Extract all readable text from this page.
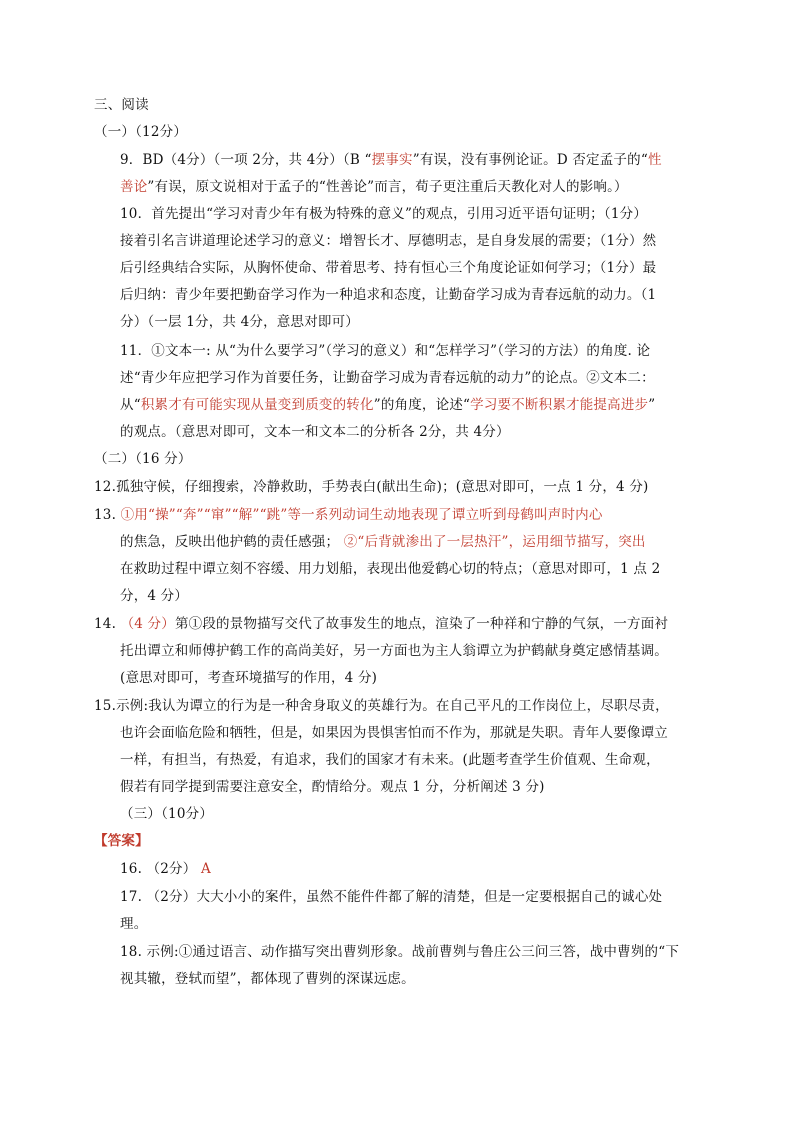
三、阅读
（一）（12分）
9．BD（4分）（一项 2分，共 4分）（B “摆事实”有误，没有事例论证。D 否定孟子的“性
善论”有误，原文说相对于孟子的“性善论”而言，荀子更注重后天教化对人的影响。）
10．首先提出“学习对青少年有极为特殊的意义”的观点，引用习近平语句证明；（1分）
接着引名言讲道理论述学习的意义：增智长才、厚德明志，是自身发展的需要；（1分）然
后引经典结合实际，从胸怀使命、带着思考、持有恒心三个角度论证如何学习；（1分）最
后归纳：青少年要把勤奋学习作为一种追求和态度，让勤奋学习成为青春远航的动力。（1
分）（一层 1分，共 4分，意思对即可）
11．①文本一: 从“为什么要学习”（学习的意义）和“怎样学习”（学习的方法）的角度. 论
述“青少年应把学习作为首要任务，让勤奋学习成为青春远航的动力”的论点。②文本二：
从“积累才有可能实现从量变到质变的转化”的角度，论述“学习要不断积累才能提高进步”
的观点。（意思对即可，文本一和文本二的分析各 2分，共 4分）
（二）（16 分）
12.孤独守候，仔细搜索，冷静救助，手势表白(献出生命)；(意思对即可，一点 1 分，4 分)
13. ①用“操”“奔”“窜”“解”“跳”等一系列动词生动地表现了谭立听到母鹤叫声时内心
的焦急，反映出他护鹤的责任感强； ②“后背就渗出了一层热汗”，运用细节描写，突出
在救助过程中谭立刻不容缓、用力划船，表现出他爱鹤心切的特点；（意思对即可，1 点 2
分，4 分）
14. （4 分）第①段的景物描写交代了故事发生的地点，渲染了一种祥和宁静的气氛，一方面衬
托出谭立和师傅护鹤工作的高尚美好，另一方面也为主人翁谭立为护鹤献身奠定感情基调。
(意思对即可，考查环境描写的作用，4 分)
15.示例:我认为谭立的行为是一种舍身取义的英雄行为。在自己平凡的工作岗位上，尽职尽责，
也许会面临危险和牺牲，但是，如果因为畏惧害怕而不作为，那就是失职。青年人要像谭立
一样，有担当，有热爱，有追求，我们的国家才有未来。(此题考查学生价值观、生命观，
假若有同学提到需要注意安全，酌情给分。观点 1 分，分析阐述 3 分)
（三）（10分）
【答案】
16. （2分） A
17. （2分）大大小小的案件，虽然不能件件都了解的清楚，但是一定要根据自己的诚心处
理。
18. 示例:①通过语言、动作描写突出曹刿形象。战前曹刿与鲁庄公三问三答，战中曹刿的“下
视其辙，登轼而望”，都体现了曹刿的深谋远虑。
